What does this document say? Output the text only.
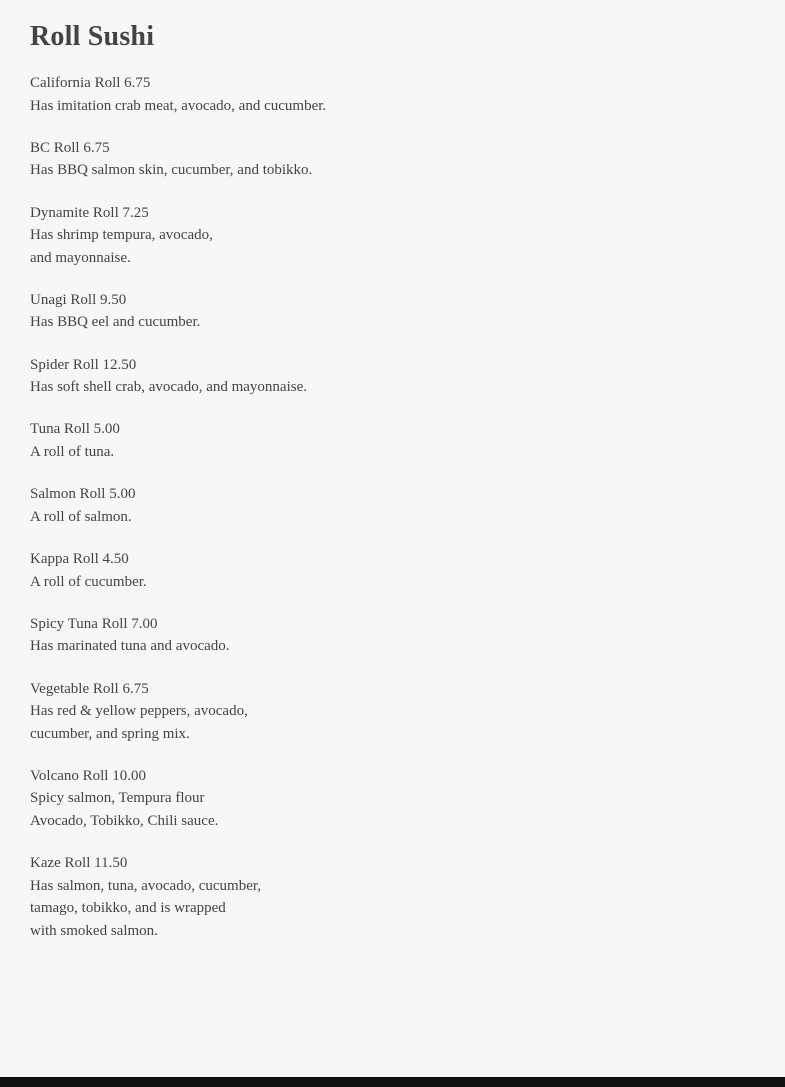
Roll Sushi
California Roll 6.75
Has imitation crab meat, avocado, and cucumber.
BC Roll 6.75
Has BBQ salmon skin, cucumber, and tobikko.
Dynamite Roll 7.25
Has shrimp tempura, avocado,
and mayonnaise.
Unagi Roll 9.50
Has BBQ eel and cucumber.
Spider Roll 12.50
Has soft shell crab, avocado, and mayonnaise.
Tuna Roll 5.00
A roll of tuna.
Salmon Roll 5.00
A roll of salmon.
Kappa Roll 4.50
A roll of cucumber.
Spicy Tuna Roll 7.00
Has marinated tuna and avocado.
Vegetable Roll 6.75
Has red & yellow peppers, avocado,
cucumber, and spring mix.
Volcano Roll 10.00
Spicy salmon, Tempura flour
Avocado, Tobikko, Chili sauce.
Kaze Roll 11.50
Has salmon, tuna, avocado, cucumber,
tamago, tobikko, and is wrapped
with smoked salmon.
